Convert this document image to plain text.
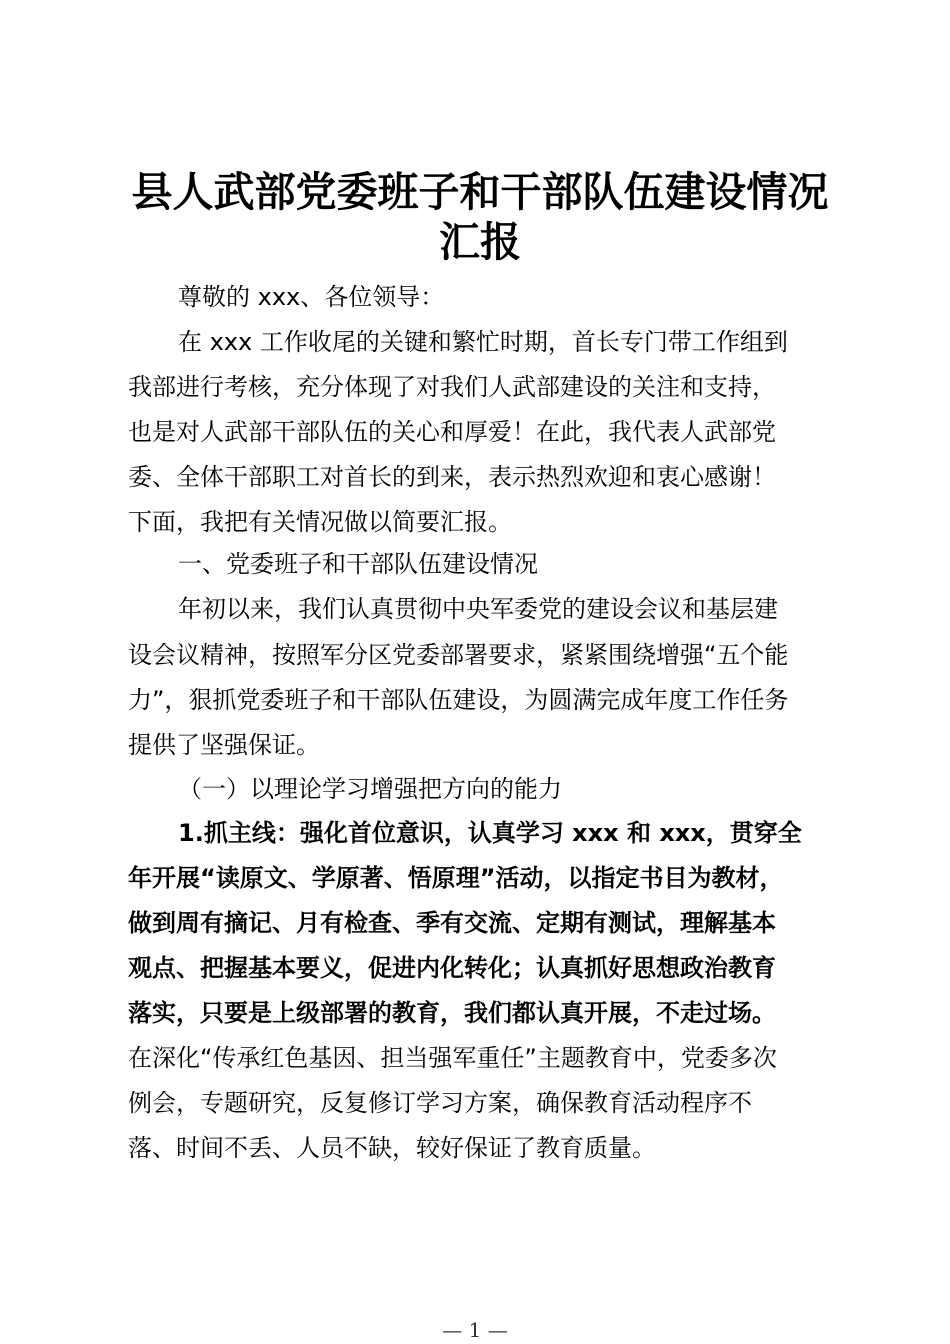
县人武部党委班子和干部队伍建设情况
汇报

尊敬的 xxx、各位领导：

在 xxx 工作收尾的关键和繁忙时期，首长专门带工作组到

我部进行考核，充分体现了对我们人武部建设的关注和支持，

也是对人武部干部队伍的关心和厚爱！在此，我代表人武部党

委、全体干部职工对首长的到来，表示热烈欢迎和衷心感谢！

下面，我把有关情况做以简要汇报。

一、党委班子和干部队伍建设情况

年初以来，我们认真贯彻中央军委党的建设会议和基层建

设会议精神，按照军分区党委部署要求，紧紧围绕增强“五个能

力”，狠抓党委班子和干部队伍建设，为圆满完成年度工作任务

提供了坚强保证。

（一）以理论学习增强把方向的能力

1.抓主线：强化首位意识，认真学习 xxx 和 xxx，贯穿全

年开展“读原文、学原著、悟原理”活动，以指定书目为教材，

做到周有摘记、月有检查、季有交流、定期有测试，理解基本

观点、把握基本要义，促进内化转化；认真抓好思想政治教育

落实，只要是上级部署的教育，我们都认真开展，不走过场。

在深化“传承红色基因、担当强军重任”主题教育中，党委多次

例会，专题研究，反复修订学习方案，确保教育活动程序不

落、时间不丢、人员不缺，较好保证了教育质量。

— 1 —
